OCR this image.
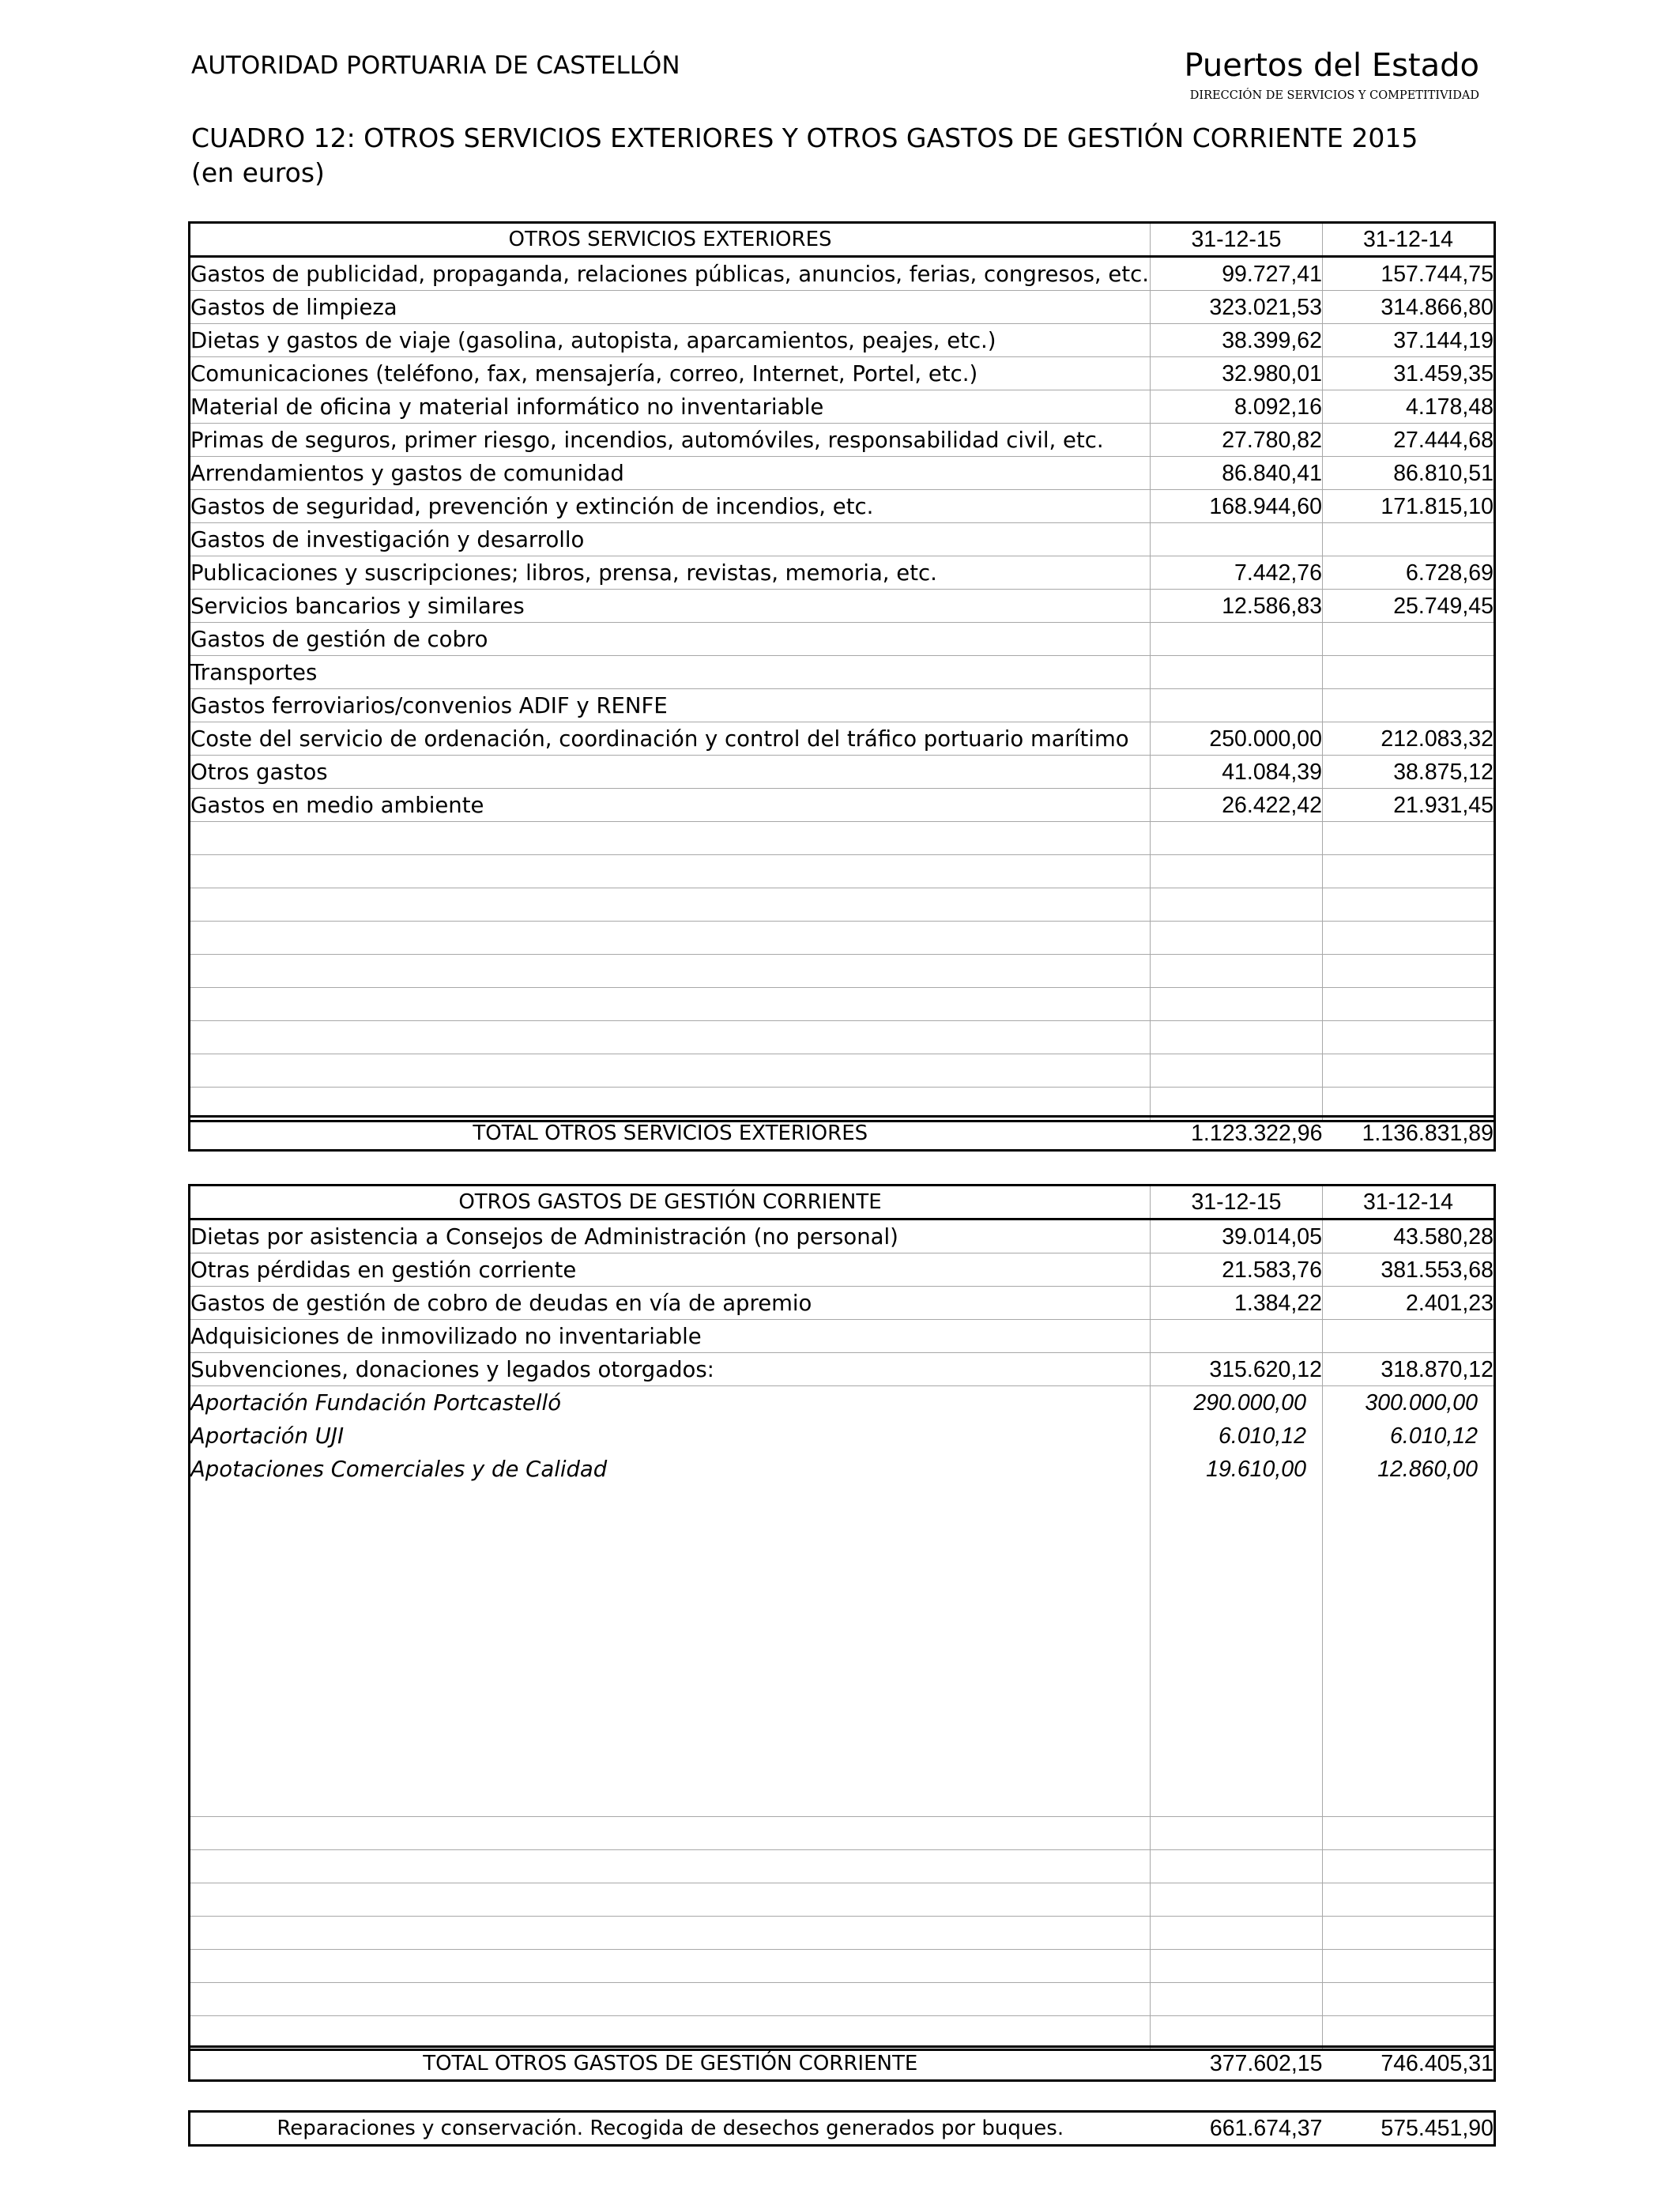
AUTORIDAD PORTUARIA DE CASTELLÓN	Puertos del Estado
DIRECCIÓN DE SERVICIOS Y COMPETITIVIDAD
CUADRO 12: OTROS SERVICIOS EXTERIORES Y OTROS GASTOS DE GESTIÓN CORRIENTE 2015
(en euros)
OTROS SERVICIOS EXTERIORES	31-12-15	31-12-14
Gastos de publicidad, propaganda, relaciones públicas, anuncios, ferias, congresos, etc.	99.727,41	157.744,75
Gastos de limpieza	323.021,53	314.866,80
Dietas y gastos de viaje (gasolina, autopista, aparcamientos, peajes, etc.)	38.399,62	37.144,19
Comunicaciones (teléfono, fax, mensajería, correo, Internet, Portel, etc.)	32.980,01	31.459,35
Material de oficina y material informático no inventariable	8.092,16	4.178,48
Primas de seguros, primer riesgo, incendios, automóviles, responsabilidad civil, etc.	27.780,82	27.444,68
Arrendamientos y gastos de comunidad	86.840,41	86.810,51
Gastos de seguridad, prevención y extinción de incendios, etc.	168.944,60	171.815,10
Gastos de investigación y desarrollo		
Publicaciones y suscripciones; libros, prensa, revistas, memoria, etc.	7.442,76	6.728,69
Servicios bancarios y similares	12.586,83	25.749,45
Gastos de gestión de cobro		
Transportes		
Gastos ferroviarios/convenios ADIF y RENFE		
Coste del servicio de ordenación, coordinación y control del tráfico portuario marítimo	250.000,00	212.083,32
Otros gastos	41.084,39	38.875,12
Gastos en medio ambiente	26.422,42	21.931,45

TOTAL OTROS SERVICIOS EXTERIORES	1.123.322,96	1.136.831,89
OTROS GASTOS DE GESTIÓN CORRIENTE	31-12-15	31-12-14
Dietas por asistencia a Consejos de Administración (no personal)	39.014,05	43.580,28
Otras pérdidas en gestión corriente	21.583,76	381.553,68
Gastos de gestión de cobro de deudas en vía de apremio	1.384,22	2.401,23
Adquisiciones de inmovilizado no inventariable		
Subvenciones, donaciones y legados otorgados:	315.620,12	318.870,12
Aportación Fundación Portcastelló	290.000,00	300.000,00
Aportación UJI	6.010,12	6.010,12
Apotaciones Comerciales y de Calidad	19.610,00	12.860,00

TOTAL OTROS GASTOS DE GESTIÓN CORRIENTE	377.602,15	746.405,31
Reparaciones y conservación. Recogida de desechos generados por buques.	661.674,37	575.451,90
